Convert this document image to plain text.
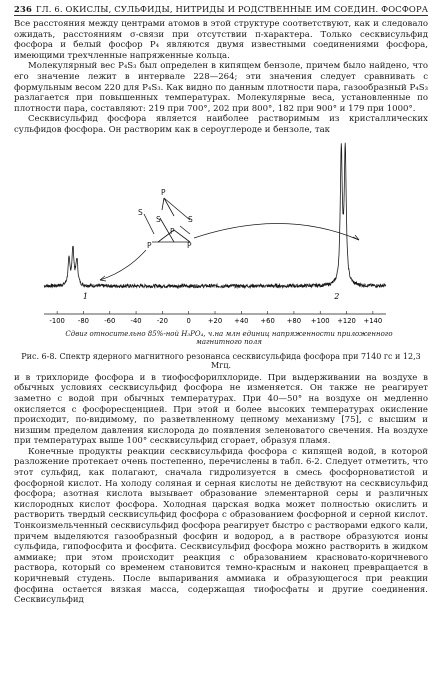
236 ГЛ. 6. ОКИСЛЫ, СУЛЬФИДЫ, НИТРИДЫ И РОДСТВЕННЫЕ ИМ СОЕДИН. ФОСФОРА

Все расстояния между центрами атомов в этой структуре соответствуют, как и следовало ожидать, расстояниям σ-связи при отсутствии π-характера. Только сесквисульфид фосфора и белый фосфор P₄ являются двумя известными соединениями фосфора, имеющими трехчленные напряженные кольца.

Молекулярный вес P₄S₃ был определен в кипящем бензоле, причем было найдено, что его значение лежит в интервале 228—264; эти значения следует сравнивать с формульным весом 220 для P₄S₃. Как видно по данным плотности пара, газообразный P₄S₃ разлагается при повышенных температурах. Молекулярные веса, установленные по плотности пара, составляют: 219 при 700°, 202 при 800°, 182 при 900° и 179 при 1000°.

Сесквисульфид фосфора является наиболее растворимым из кристаллических сульфидов фосфора. Он растворим как в сероуглероде и бензоле, так

P
S
S	S
P
P	P
-100 -80 -60 -40 -20	0 +20 +40 +60 +80 +100 +120 +140
1	2
Сдвиг относительно 85%-ной H₃PO₄, ч.на млн единиц напряженности приложенного магнитного поля
Рис. 6-8. Спектр ядерного магнитного резонанса сесквисульфида фосфора при 7140 гс и 12,3 Мгц.

и в трихлориде фосфора и в тиофосфорилхлориде. При выдерживании на воздухе в обычных условиях сесквисульфид фосфора не изменяется. Он также не реагирует заметно с водой при обычных температурах. При 40—50° на воздухе он медленно окисляется с фосфоресценцией. При этой и более высоких температурах окисление происходит, по-видимому, по разветвленному цепному механизму [75], с высшим и низшим пределом давления кислорода до появления зеленоватого свечения. На воздухе при температурах выше 100° сесквисульфид сгорает, образуя пламя.

Конечные продукты реакции сесквисульфида фосфора с кипящей водой, в которой разложение протекает очень постепенно, перечислены в табл. 6-2. Следует отметить, что этот сульфид, как полагают, сначала гидролизуется в смесь фосфорноватистой и фосфорной кислот. На холоду соляная и серная кислоты не действуют на сесквисульфид фосфора; азотная кислота вызывает образование элементарной серы и различных кислородных кислот фосфора. Холодная царская водка может полностью окислить и растворить твердый сесквисульфид фосфора с образованием фосфорной и серной кислот. Тонкоизмельченный сесквисульфид фосфора реагирует быстро с растворами едкого кали, причем выделяются газообразный фосфин и водород, а в растворе образуются ионы сульфида, гипофосфита и фосфита. Сесквисульфид фосфора можно растворить в жидком аммиаке; при этом происходит реакция с образованием красновато-коричневого раствора, который со временем становится темно-красным и наконец превращается в коричневый студень. После выпаривания аммиака и образующегося при реакции фосфина остается вязкая масса, содержащая тиофосфаты и другие соединения. Сесквисульфид
